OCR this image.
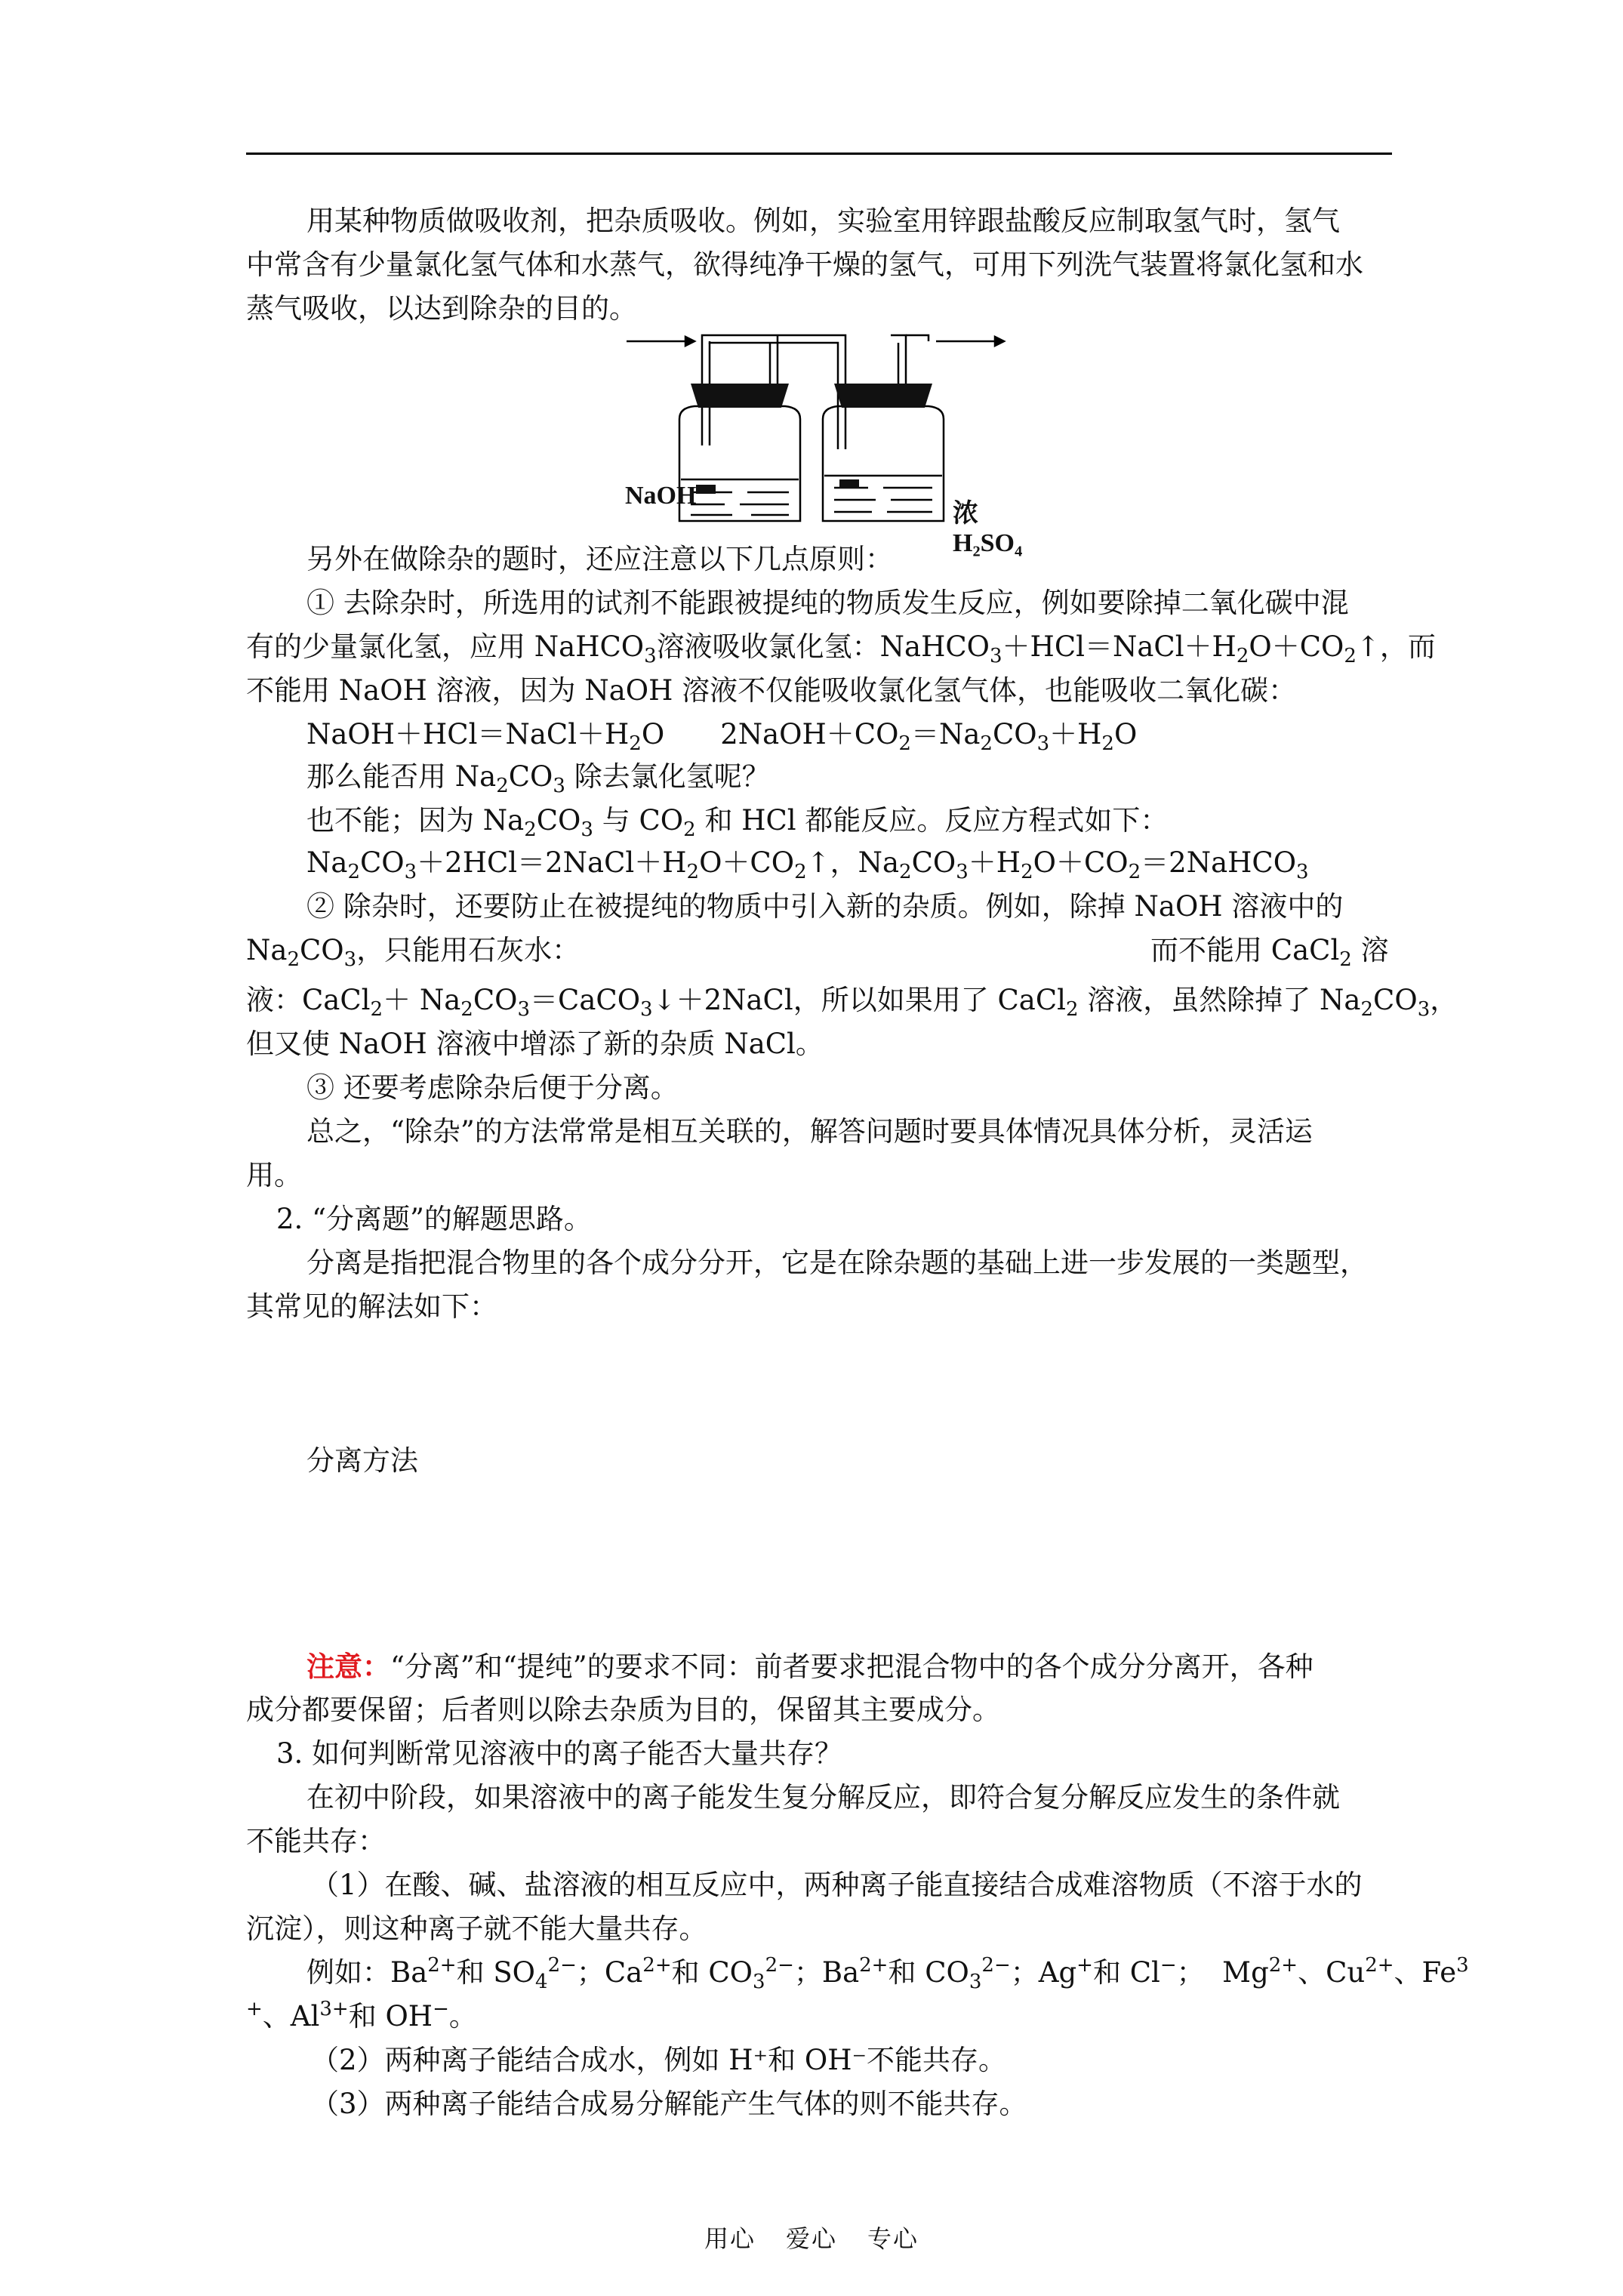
用某种物质做吸收剂，把杂质吸收。例如，实验室用锌跟盐酸反应制取氢气时，氢气
中常含有少量氯化氢气体和水蒸气，欲得纯净干燥的氢气，可用下列洗气装置将氯化氢和水
蒸气吸收，以达到除杂的目的。
NaOH
浓 H₂SO₄
另外在做除杂的题时，还应注意以下几点原则：
① 去除杂时，所选用的试剂不能跟被提纯的物质发生反应，例如要除掉二氧化碳中混
有的少量氯化氢，应用 NaHCO$_3$溶液吸收氯化氢：$NaHCO_3+HCl=NaCl+H_2O+CO_2↑$，而
不能用 NaOH 溶液，因为 NaOH 溶液不仅能吸收氯化氢气体，也能吸收二氧化碳：
$NaOH+HCl=NaCl+H_2O$ $2NaOH+CO_2=Na_2CO_3+H_2O$
那么能否用 $Na_2CO_3$ 除去氯化氢呢？
也不能；因为 $Na_2CO_3$ 与 $CO_2$ 和 HCl 都能反应。反应方程式如下：
$Na_2CO_3+2HCl=2NaCl+H_2O+CO_2↑$，$Na_2CO_3+H_2O+CO_2=2NaHCO_3$
② 除杂时，还要防止在被提纯的物质中引入新的杂质。例如，除掉 NaOH 溶液中的
$Na_2CO_3$，只能用石灰水：	而不能用 CaCl$_2$ 溶
液：CaCl$_2$＋ $Na_2CO_3=CaCO_3↓+2NaCl$，所以如果用了 CaCl$_2$ 溶液，虽然除掉了 $Na_2CO_3$，
但又使 NaOH 溶液中增添了新的杂质 NaCl。
③ 还要考虑除杂后便于分离。
总之，“除杂”的方法常常是相互关联的，解答问题时要具体情况具体分析，灵活运
用。
2. “分离题”的解题思路。
分离是指把混合物里的各个成分分开，它是在除杂题的基础上进一步发展的一类题型，
其常见的解法如下：
分离方法
注意：“分离”和“提纯”的要求不同：前者要求把混合物中的各个成分分离开，各种
成分都要保留；后者则以除去杂质为目的，保留其主要成分。
3. 如何判断常见溶液中的离子能否大量共存？
在初中阶段，如果溶液中的离子能发生复分解反应，即符合复分解反应发生的条件就
不能共存：
（1）在酸、碱、盐溶液的相互反应中，两种离子能直接结合成难溶物质（不溶于水的
沉淀），则这种离子就不能大量共存。
例如：$Ba^{2+}$和 $SO_4^{2-}$；$Ca^{2+}$和 $CO_3^{2-}$；$Ba^{2+}$和 $CO_3^{2-}$；Ag+和 Cl−；  $Mg^{2+}$、$Cu^{2+}$、Fe$^3$
+、$Al^{3+}$和 OH−。
（2）两种离子能结合成水，例如 H⁺和 OH⁻不能共存。
（3）两种离子能结合成易分解能产生气体的则不能共存。
用心 爱心 专心
